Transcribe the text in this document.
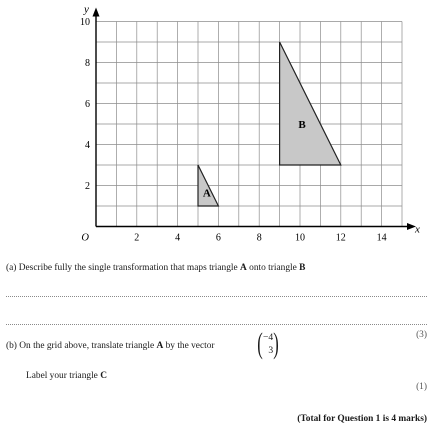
A
B
2	4	6	8	10	12	14
2
4
6
8
10
O
x
y
(a) Describe fully the single transformation that maps triangle A onto triangle B
(3)
(b) On the grid above, translate triangle A by the vector ( −4
3 )
Label your triangle C
(1)
(Total for Question 1 is 4 marks)
